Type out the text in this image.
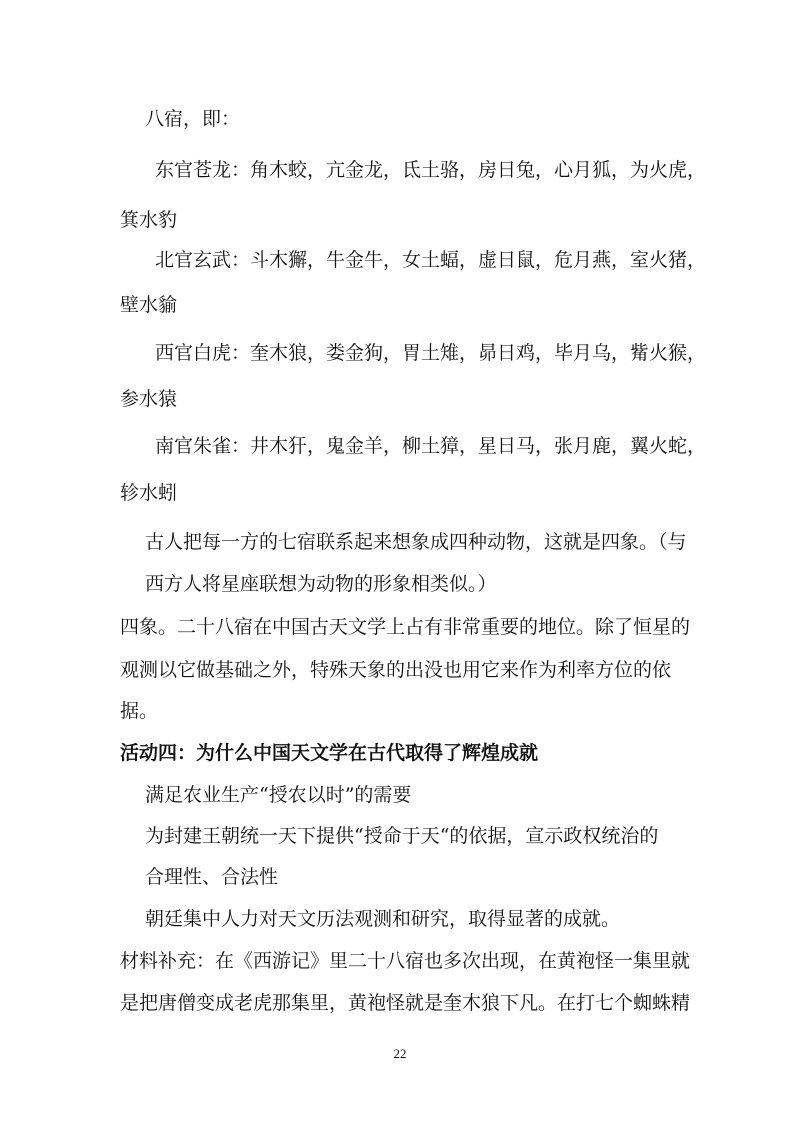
八宿，即：
东官苍龙：角木蛟，亢金龙，氐土骆，房日兔，心月狐，为火虎，
箕水豹
北官玄武：斗木獬，牛金牛，女土蝠，虚日鼠，危月燕，室火猪，
壁水貐
西官白虎：奎木狼，娄金狗，胃土雉，昴日鸡，毕月乌，觜火猴，
参水猿
南官朱雀：井木犴，鬼金羊，柳土獐，星日马，张月鹿，翼火蛇，
轸水蚓
古人把每一方的七宿联系起来想象成四种动物，这就是四象。（与
西方人将星座联想为动物的形象相类似。）
四象。二十八宿在中国古天文学上占有非常重要的地位。除了恒星的
观测以它做基础之外，特殊天象的出没也用它来作为利率方位的依
据。
活动四：为什么中国天文学在古代取得了辉煌成就
满足农业生产“授农以时”的需要
为封建王朝统一天下提供“授命于天“的依据，宣示政权统治的
合理性、合法性
朝廷集中人力对天文历法观测和研究，取得显著的成就。
材料补充：在《西游记》里二十八宿也多次出现，在黄袍怪一集里就
是把唐僧变成老虎那集里，黄袍怪就是奎木狼下凡。在打七个蜘蛛精
22
